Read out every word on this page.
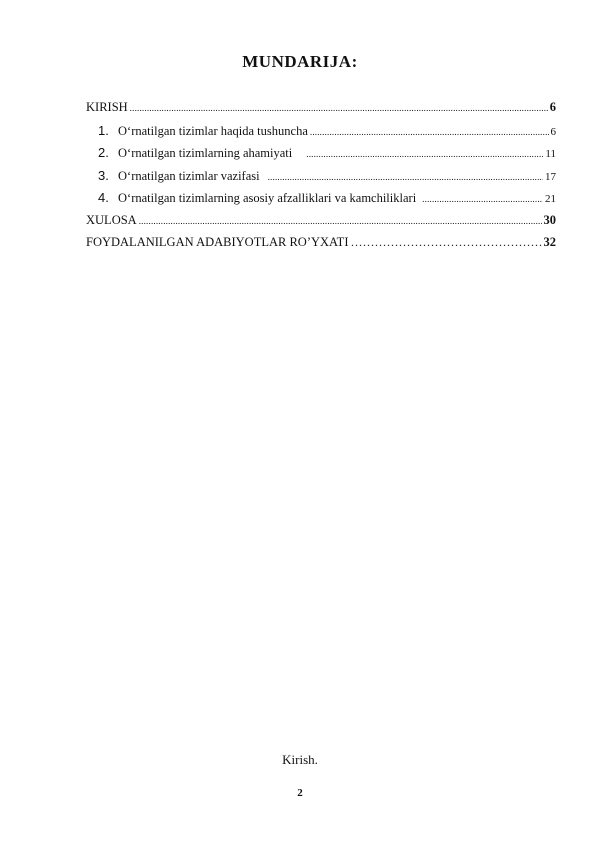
MUNDARIJA:
KIRISH .....	6
1. O‘rnatilgan tizimlar haqida tushuncha .....	6
2. O‘rnatilgan tizimlarning ahamiyati .....	11
3. O‘rnatilgan tizimlar vazifasi .....	17
4. O‘rnatilgan tizimlarning asosiy afzalliklari va kamchiliklari .....	21
XULOSA .....	30
FOYDALANILGAN ADABIYOTLAR RO’YXATI …………………………………………………………………………………	32
Kirish.
2
